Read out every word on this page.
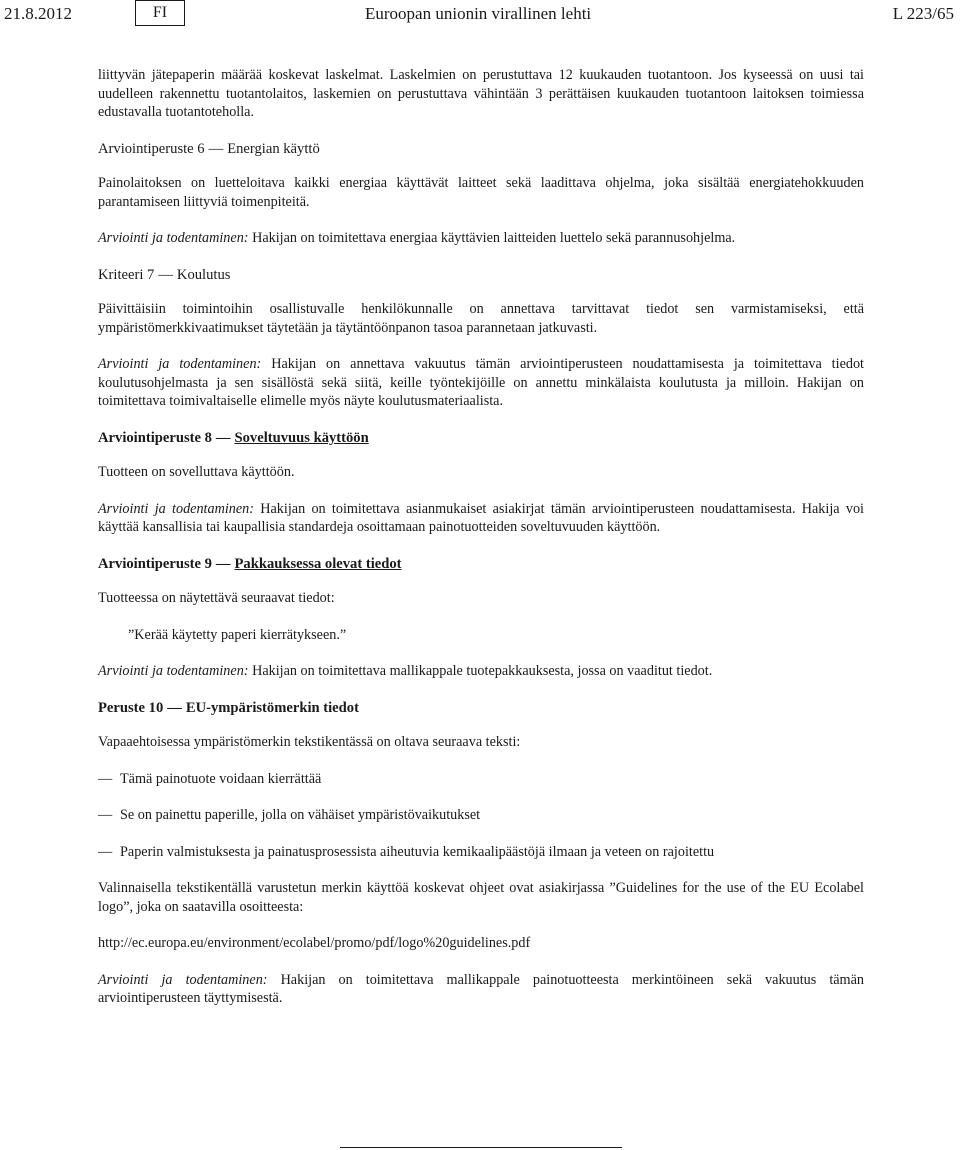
21.8.2012	FI	Euroopan unionin virallinen lehti	L 223/65

liittyvän jätepaperin määrää koskevat laskelmat. Laskelmien on perustuttava 12 kuukauden tuotantoon. Jos kyseessä on uusi tai uudelleen rakennettu tuotantolaitos, laskemien on perustuttava vähintään 3 perättäisen kuukauden tuotantoon laitoksen toimiessa edustavalla tuotantoteholla.

Arviointiperuste 6 — Energian käyttö

Painolaitoksen on luetteloitava kaikki energiaa käyttävät laitteet sekä laadittava ohjelma, joka sisältää energiatehokkuuden parantamiseen liittyviä toimenpiteitä.

Arviointi ja todentaminen: Hakijan on toimitettava energiaa käyttävien laitteiden luettelo sekä parannusohjelma.

Kriteeri 7 — Koulutus

Päivittäisiin toimintoihin osallistuvalle henkilökunnalle on annettava tarvittavat tiedot sen varmistamiseksi, että ympäristömerkkivaatimukset täytetään ja täytäntöönpanon tasoa parannetaan jatkuvasti.

Arviointi ja todentaminen: Hakijan on annettava vakuutus tämän arviointiperusteen noudattamisesta ja toimitettava tiedot koulutusohjelmasta ja sen sisällöstä sekä siitä, keille työntekijöille on annettu minkälaista koulutusta ja milloin. Hakijan on toimitettava toimivaltaiselle elimelle myös näyte koulutusmateriaalista.

Arviointiperuste 8 — Soveltuvuus käyttöön

Tuotteen on sovelluttava käyttöön.

Arviointi ja todentaminen: Hakijan on toimitettava asianmukaiset asiakirjat tämän arviointiperusteen noudattamisesta. Hakija voi käyttää kansallisia tai kaupallisia standardeja osoittamaan painotuotteiden soveltuvuuden käyttöön.

Arviointiperuste 9 — Pakkauksessa olevat tiedot

Tuotteessa on näytettävä seuraavat tiedot:

”Kerää käytetty paperi kierrätykseen.”

Arviointi ja todentaminen: Hakijan on toimitettava mallikappale tuotepakkauksesta, jossa on vaaditut tiedot.

Peruste 10 — EU-ympäristömerkin tiedot

Vapaaehtoisessa ympäristömerkin tekstikentässä on oltava seuraava teksti:

— Tämä painotuote voidaan kierrättää
— Se on painettu paperille, jolla on vähäiset ympäristövaikutukset
— Paperin valmistuksesta ja painatusprosessista aiheutuvia kemikaalipäästöjä ilmaan ja veteen on rajoitettu

Valinnaisella tekstikentällä varustetun merkin käyttöä koskevat ohjeet ovat asiakirjassa ”Guidelines for the use of the EU Ecolabel logo”, joka on saatavilla osoitteesta:

http://ec.europa.eu/environment/ecolabel/promo/pdf/logo%20guidelines.pdf

Arviointi ja todentaminen: Hakijan on toimitettava mallikappale painotuotteesta merkintöineen sekä vakuutus tämän arviointiperusteen täyttymisestä.
